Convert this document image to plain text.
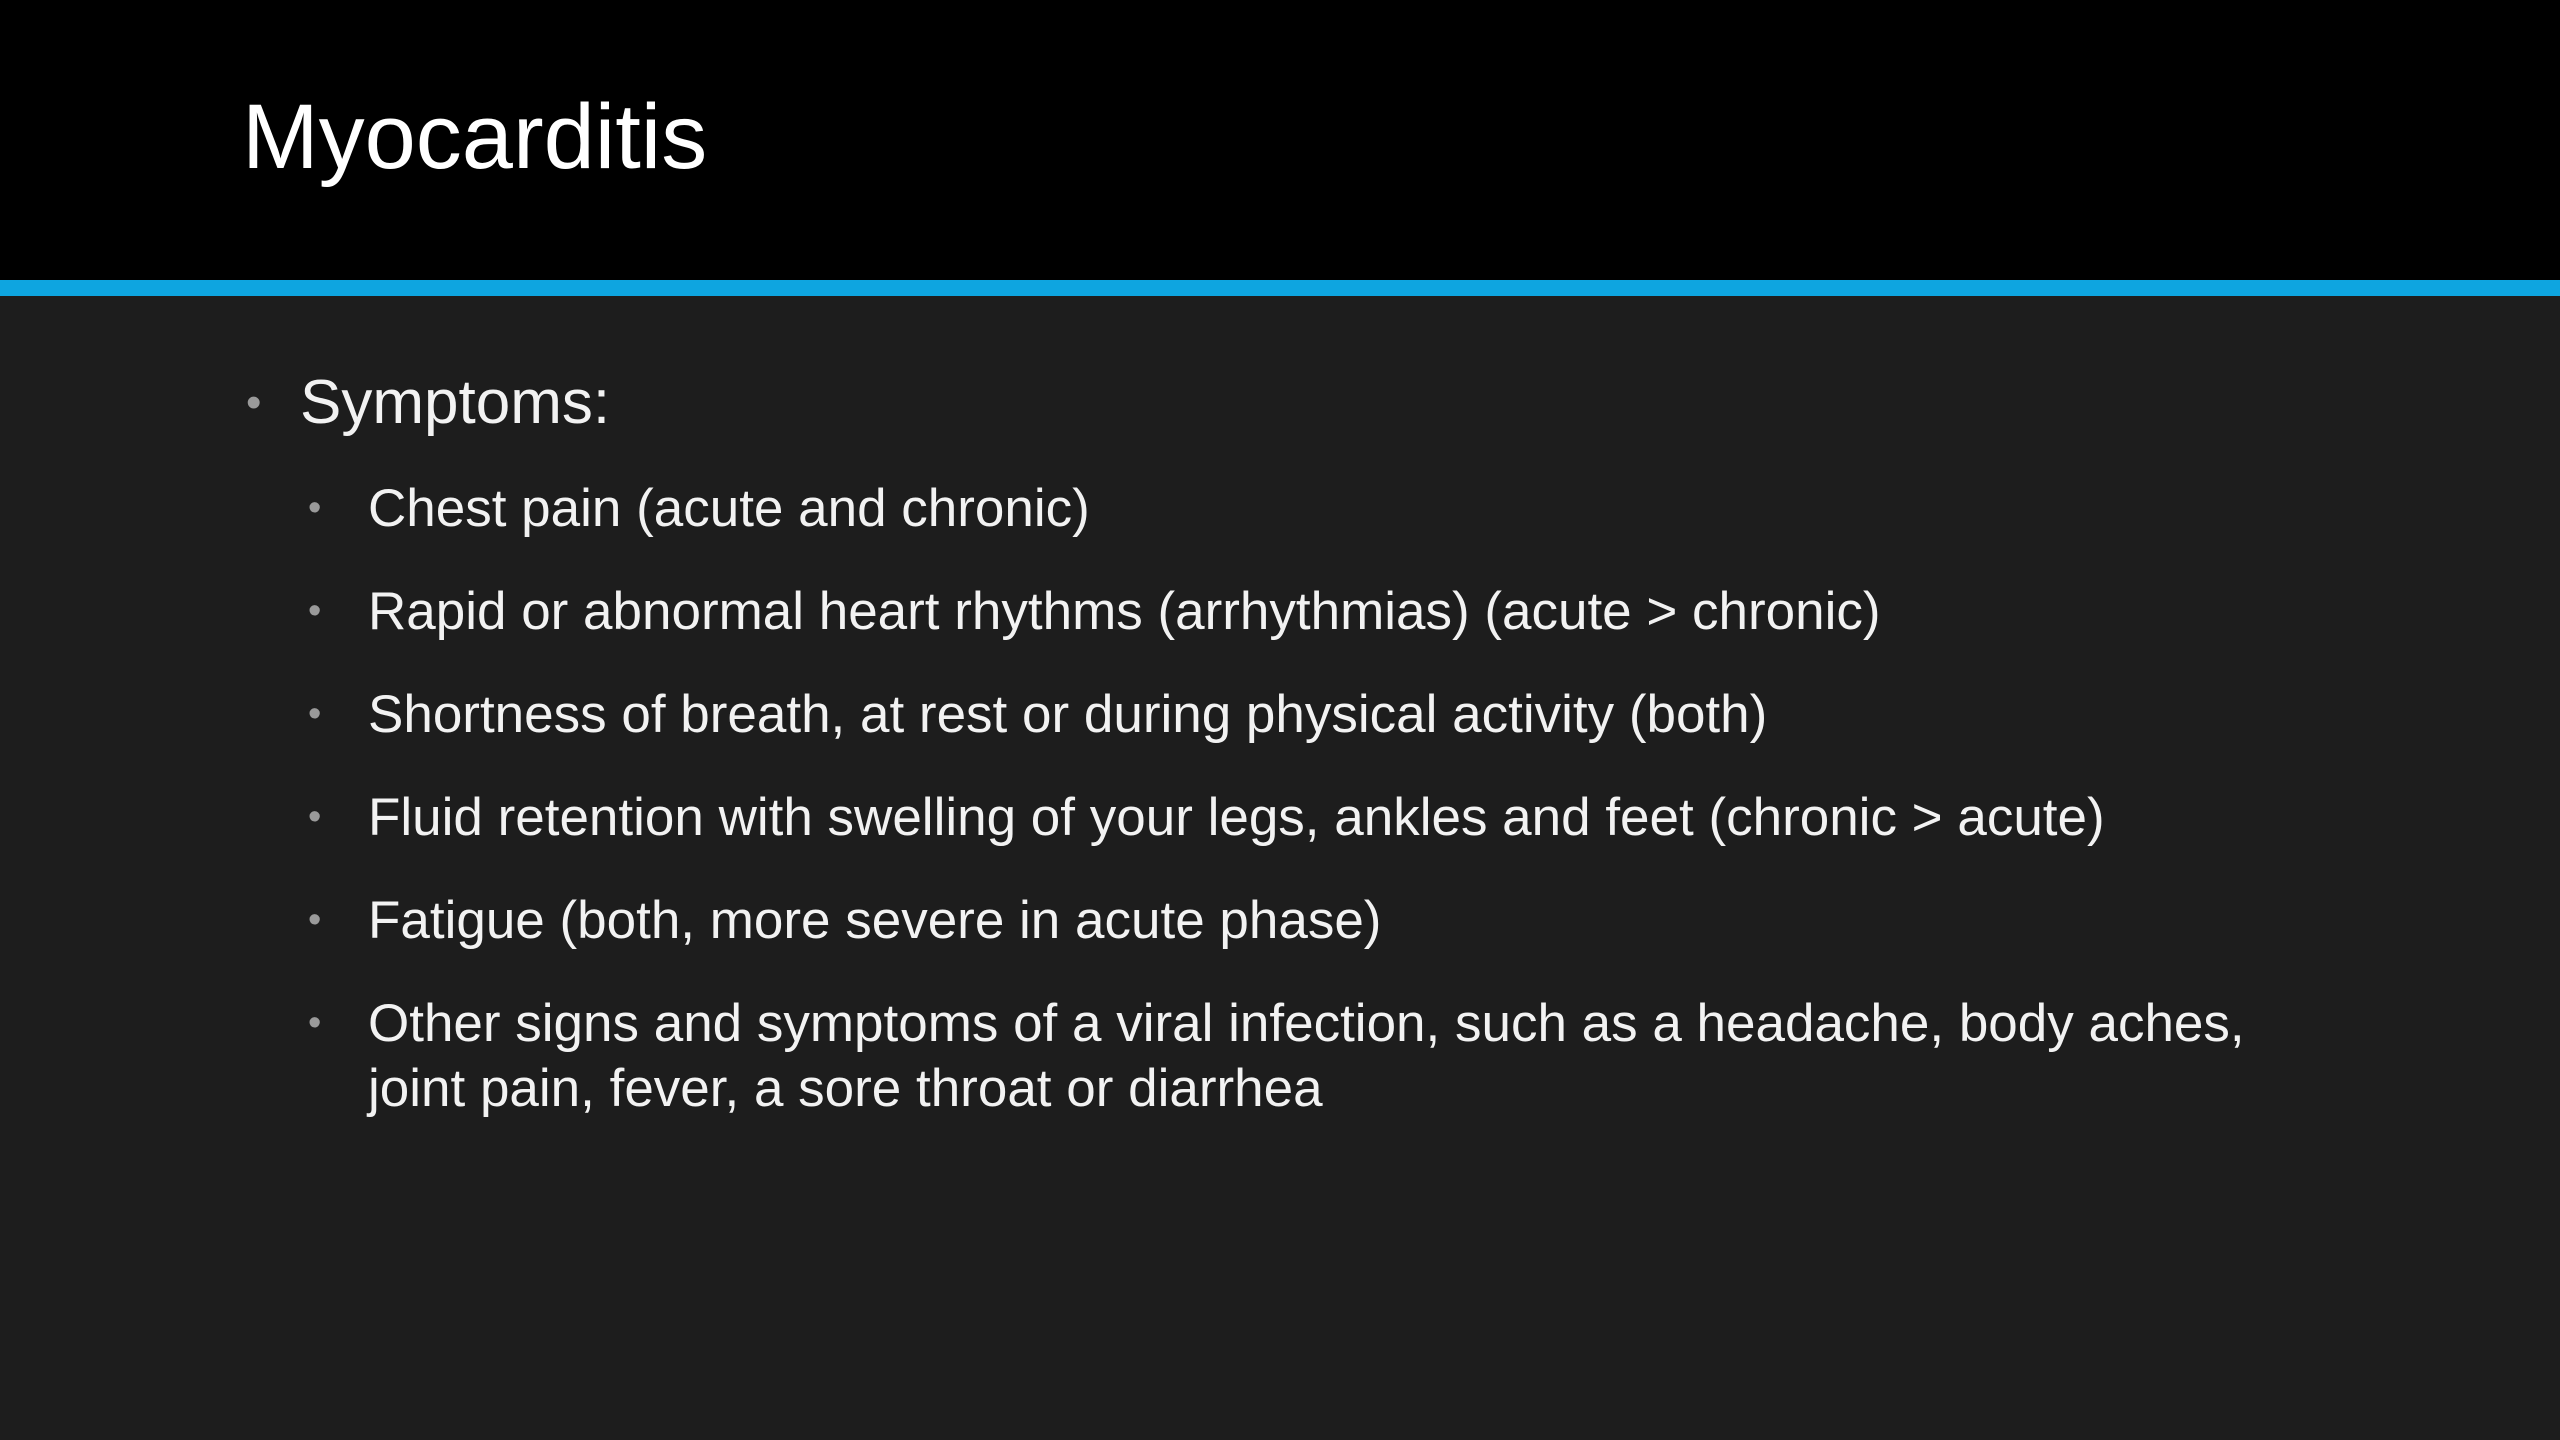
Myocarditis
• Symptoms:
• Chest pain (acute and chronic)
• Rapid or abnormal heart rhythms (arrhythmias) (acute > chronic)
• Shortness of breath, at rest or during physical activity (both)
• Fluid retention with swelling of your legs, ankles and feet (chronic > acute)
• Fatigue (both, more severe in acute phase)
• Other signs and symptoms of a viral infection, such as a headache, body aches, joint pain, fever, a sore throat or diarrhea
